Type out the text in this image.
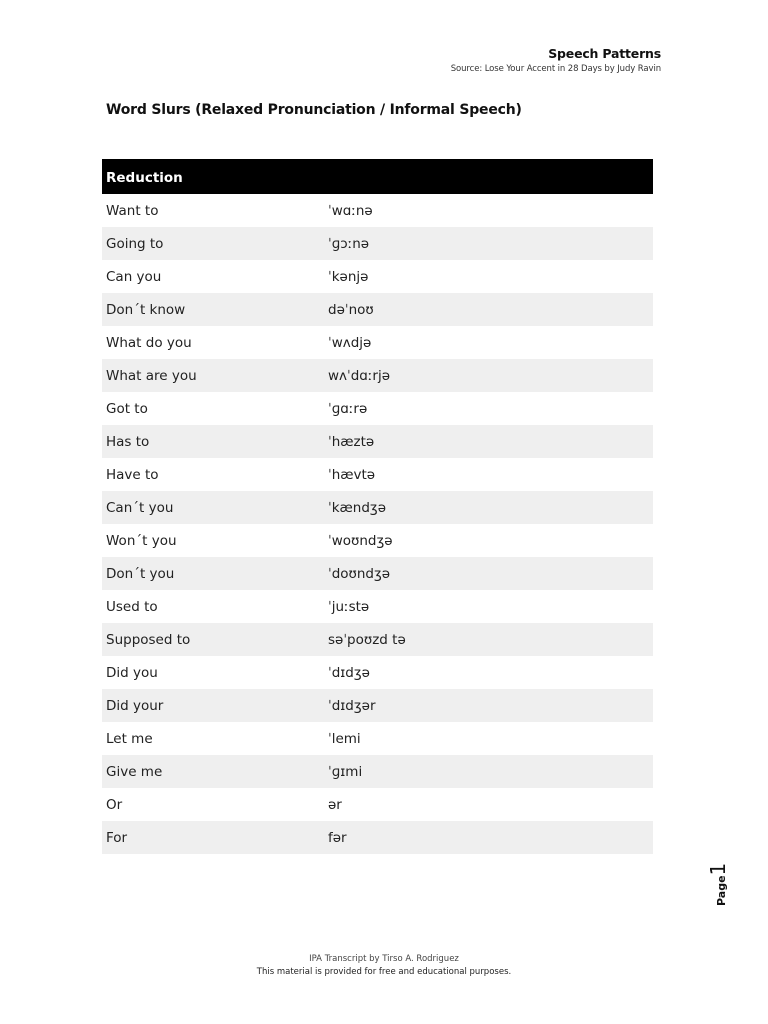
Speech Patterns
Source: Lose Your Accent in 28 Days by Judy Ravin
Word Slurs (Relaxed Pronunciation / Informal Speech)
Reduction	
Want to	ˈwɑːnə
Going to	ˈɡɔːnə
Can you	ˈkənjə
Don´t know	dəˈnoʊ
What do you	ˈwʌdjə
What are you	wʌˈdɑːrjə
Got to	ˈɡɑːrə
Has to	ˈhæztə
Have to	ˈhævtə
Can´t you	ˈkændʒə
Won´t you	ˈwoʊndʒə
Don´t you	ˈdoʊndʒə
Used to	ˈjuːstə
Supposed to	səˈpoʊzd tə
Did you	ˈdɪdʒə
Did your	ˈdɪdʒər
Let me	ˈlemi
Give me	ˈɡɪmi
Or	ər
For	fər
Page1
IPA Transcript by Tirso A. Rodriguez
This material is provided for free and educational purposes.
